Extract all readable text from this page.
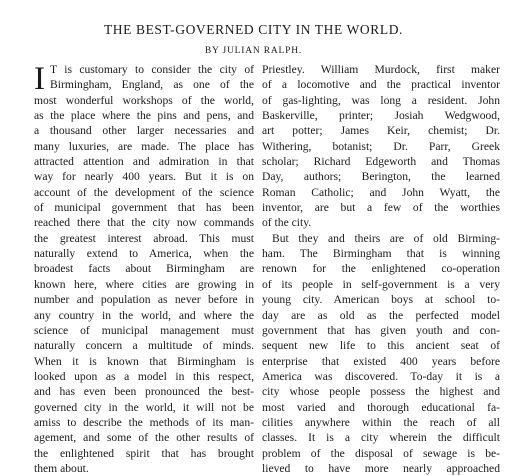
THE BEST-GOVERNED CITY IN THE WORLD.
BY JULIAN RALPH.
I T is customary to consider the city of
Birmingham, England, as one of the
most wonderful workshops of the world,
as the place where the pins and pens, and
a thousand other larger necessaries and
many luxuries, are made. The place has
attracted attention and admiration in that
way for nearly 400 years. But it is on
account of the development of the science
of municipal government that has been
reached there that the city now commands
the greatest interest abroad. This must
naturally extend to America, when the
broadest facts about Birmingham are
known here, where cities are growing in
number and population as never before in
any country in the world, and where the
science of municipal management must
naturally concern a multitude of minds.
When it is known that Birmingham is
looked upon as a model in this respect,
and has even been pronounced the best-
governed city in the world, it will not be
amiss to describe the methods of its man-
agement, and some of the other results of
the enlightened spirit that has brought
them about.
Priestley. William Murdock, first maker
of a locomotive and the practical inventor
of gas-lighting, was long a resident. John
Baskerville, printer; Josiah Wedgwood,
art potter; James Keir, chemist; Dr.
Withering, botanist; Dr. Parr, Greek
scholar; Richard Edgeworth and Thomas
Day, authors; Berington, the learned
Roman Catholic; and John Wyatt, the
inventor, are but a few of the worthies
of the city.
But they and theirs are of old Birming-
ham. The Birmingham that is winning
renown for the enlightened co-operation
of its people in self-government is a very
young city. American boys at school to-
day are as old as the perfected model
government that has given youth and con-
sequent new life to this ancient seat of
enterprise that existed 400 years before
America was discovered. To-day it is a
city whose people possess the highest and
most varied and thorough educational fa-
cilities anywhere within the reach of all
classes. It is a city wherein the difficult
problem of the disposal of sewage is be-
lieved to have more nearly approached
